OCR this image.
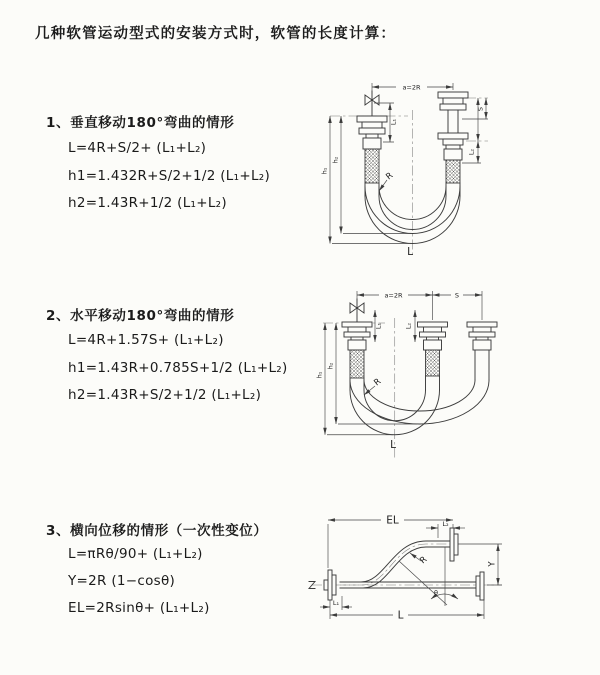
几种软管运动型式的安装方式时，软管的长度计算：
1、垂直移动180°弯曲的情形
L=4R+S/2+ (L₁+L₂)
h1=1.432R+S/2+1/2 (L₁+L₂)
h2=1.43R+1/2 (L₁+L₂)
2、水平移动180°弯曲的情形
L=4R+1.57S+ (L₁+L₂)
h1=1.43R+0.785S+1/2 (L₁+L₂)
h2=1.43R+S/2+1/2 (L₁+L₂)
3、横向位移的情形（一次性变位）
L=πRθ/90+ (L₁+L₂)
Y=2R (1−cosθ)
EL=2Rsinθ+ (L₁+L₂)
a=2R
h₁
h₂
L₁
S
L₂
R
L
a=2R	S
h₁
h₂
L₁	L₂
R
L
EL	L₂
Y
L
L₁
R
θ
